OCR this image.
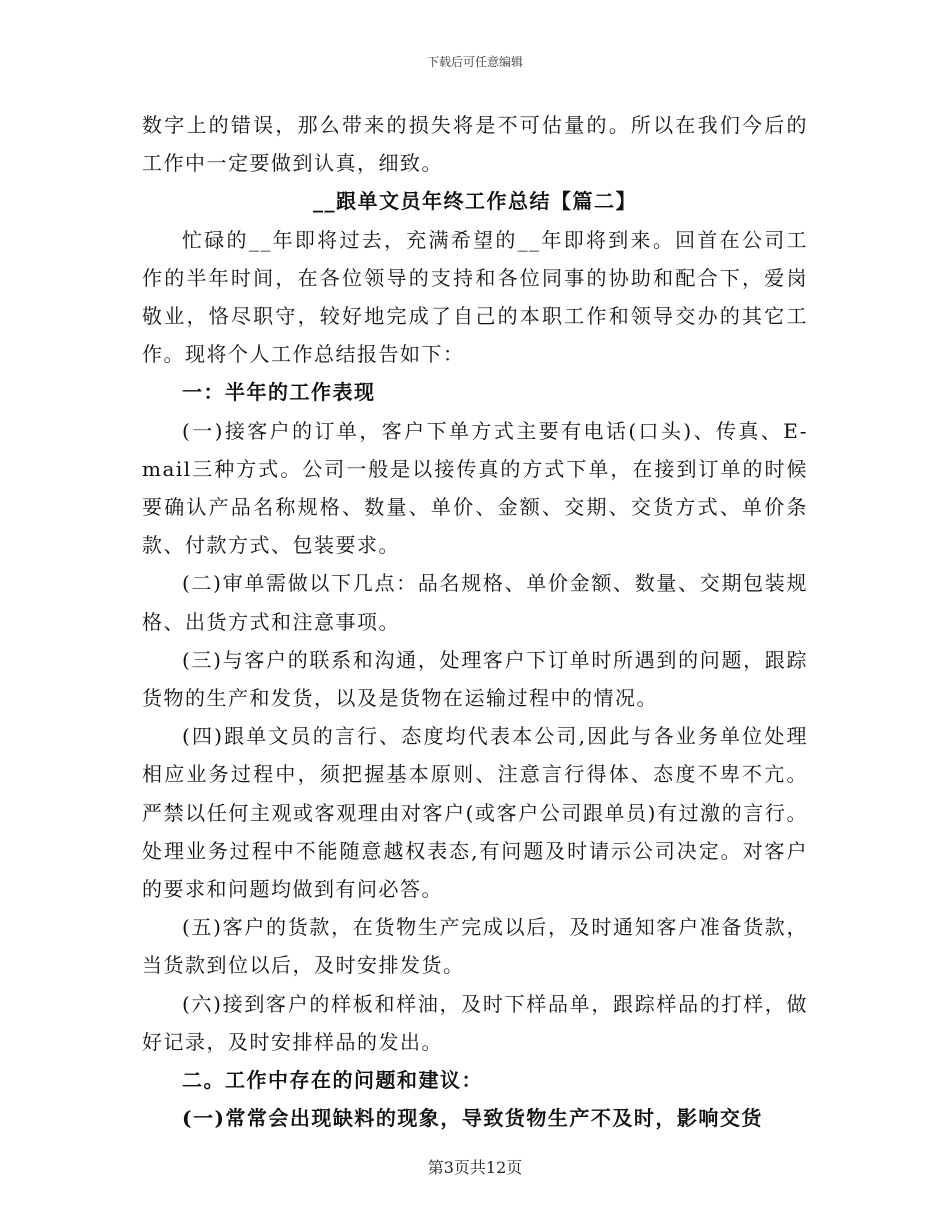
下载后可任意编辑

数字上的错误，那么带来的损失将是不可估量的。所以在我们今后的工作中一定要做到认真，细致。

__跟单文员年终工作总结【篇二】

忙碌的__年即将过去，充满希望的__年即将到来。回首在公司工作的半年时间，在各位领导的支持和各位同事的协助和配合下，爱岗敬业，恪尽职守，较好地完成了自己的本职工作和领导交办的其它工作。现将个人工作总结报告如下：

一：半年的工作表现

(一)接客户的订单，客户下单方式主要有电话(口头)、传真、E-mail三种方式。公司一般是以接传真的方式下单，在接到订单的时候要确认产品名称规格、数量、单价、金额、交期、交货方式、单价条款、付款方式、包装要求。

(二)审单需做以下几点：品名规格、单价金额、数量、交期包装规格、出货方式和注意事项。

(三)与客户的联系和沟通，处理客户下订单时所遇到的问题，跟踪货物的生产和发货，以及是货物在运输过程中的情况。

(四)跟单文员的言行、态度均代表本公司,因此与各业务单位处理相应业务过程中，须把握基本原则、注意言行得体、态度不卑不亢。严禁以任何主观或客观理由对客户(或客户公司跟单员)有过激的言行。处理业务过程中不能随意越权表态,有问题及时请示公司决定。对客户的要求和问题均做到有问必答。

(五)客户的货款，在货物生产完成以后，及时通知客户准备货款，当货款到位以后，及时安排发货。

(六)接到客户的样板和样油，及时下样品单，跟踪样品的打样，做好记录，及时安排样品的发出。

二。工作中存在的问题和建议：

(一)常常会出现缺料的现象，导致货物生产不及时，影响交货

第3页共12页
